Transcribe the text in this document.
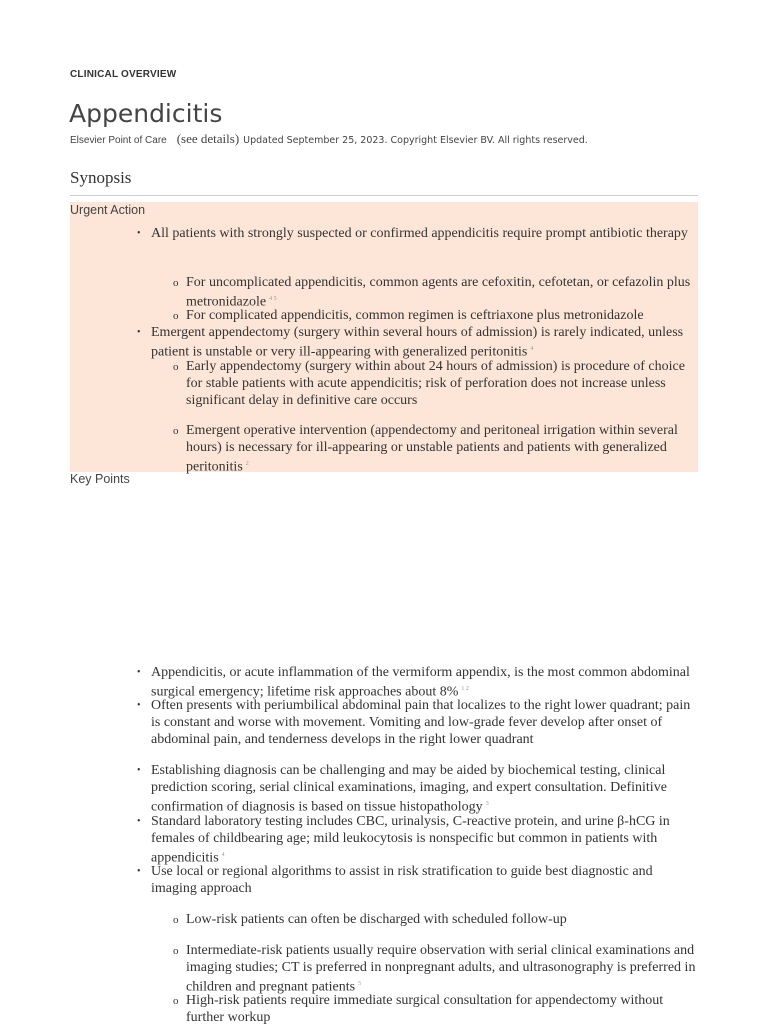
CLINICAL OVERVIEW
Appendicitis
Elsevier Point of Care (see details) Updated September 25, 2023. Copyright Elsevier BV. All rights reserved.
Synopsis
Urgent Action
• All patients with strongly suspected or confirmed appendicitis require prompt antibiotic therapy
o For uncomplicated appendicitis, common agents are cefoxitin, cefotetan, or cefazolin plus metronidazole $^{4 5}$
o For complicated appendicitis, common regimen is ceftriaxone plus metronidazole
• Emergent appendectomy (surgery within several hours of admission) is rarely indicated, unless patient is unstable or very ill-appearing with generalized peritonitis $^4$
o Early appendectomy (surgery within about 24 hours of admission) is procedure of choice for stable patients with acute appendicitis; risk of perforation does not increase unless significant delay in definitive care occurs
o Emergent operative intervention (appendectomy and peritoneal irrigation within several hours) is necessary for ill-appearing or unstable patients and patients with generalized peritonitis $^2$
Key Points
• Appendicitis, or acute inflammation of the vermiform appendix, is the most common abdominal surgical emergency; lifetime risk approaches about 8% $^{1 2}$
• Often presents with periumbilical abdominal pain that localizes to the right lower quadrant; pain is constant and worse with movement. Vomiting and low-grade fever develop after onset of abdominal pain, and tenderness develops in the right lower quadrant
• Establishing diagnosis can be challenging and may be aided by biochemical testing, clinical prediction scoring, serial clinical examinations, imaging, and expert consultation. Definitive confirmation of diagnosis is based on tissue histopathology $^3$
• Standard laboratory testing includes CBC, urinalysis, C-reactive protein, and urine β-hCG in females of childbearing age; mild leukocytosis is nonspecific but common in patients with appendicitis $^4$
• Use local or regional algorithms to assist in risk stratification to guide best diagnostic and imaging approach
o Low-risk patients can often be discharged with scheduled follow-up
o Intermediate-risk patients usually require observation with serial clinical examinations and imaging studies; CT is preferred in nonpregnant adults, and ultrasonography is preferred in children and pregnant patients $^5$
o High-risk patients require immediate surgical consultation for appendectomy without further workup
